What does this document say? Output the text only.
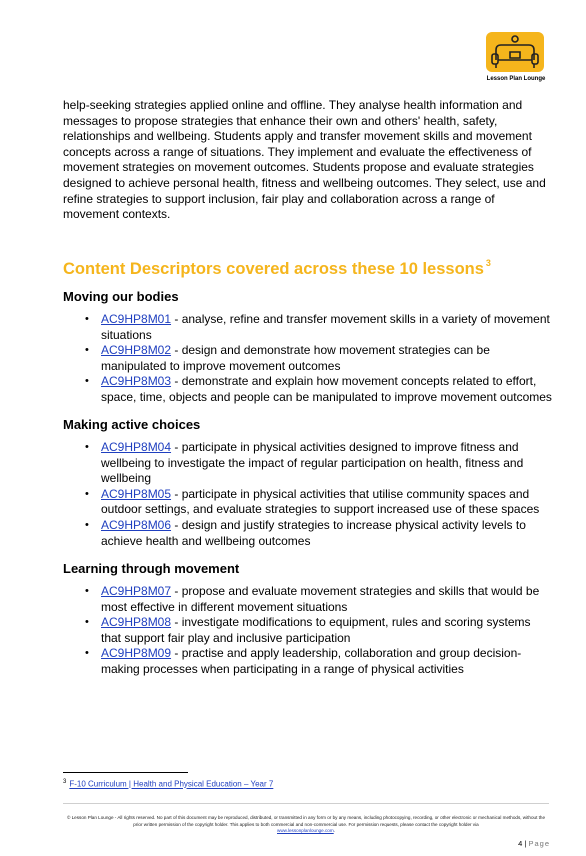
Lesson Plan Lounge
help-seeking strategies applied online and offline. They analyse health information and messages to propose strategies that enhance their own and others' health, safety, relationships and wellbeing. Students apply and transfer movement skills and movement concepts across a range of situations. They implement and evaluate the effectiveness of movement strategies on movement outcomes. Students propose and evaluate strategies designed to achieve personal health, fitness and wellbeing outcomes. They select, use and refine strategies to support inclusion, fair play and collaboration across a range of movement contexts.
Content Descriptors covered across these 10 lessons $^3$
Moving our bodies
• AC9HP8M01 - analyse, refine and transfer movement skills in a variety of movement situations
• AC9HP8M02 - design and demonstrate how movement strategies can be manipulated to improve movement outcomes
• AC9HP8M03 - demonstrate and explain how movement concepts related to effort, space, time, objects and people can be manipulated to improve movement outcomes
Making active choices
• AC9HP8M04 - participate in physical activities designed to improve fitness and wellbeing to investigate the impact of regular participation on health, fitness and wellbeing
• AC9HP8M05 - participate in physical activities that utilise community spaces and outdoor settings, and evaluate strategies to support increased use of these spaces
• AC9HP8M06 - design and justify strategies to increase physical activity levels to achieve health and wellbeing outcomes
Learning through movement
• AC9HP8M07 - propose and evaluate movement strategies and skills that would be most effective in different movement situations
• AC9HP8M08 - investigate modifications to equipment, rules and scoring systems that support fair play and inclusive participation
• AC9HP8M09 - practise and apply leadership, collaboration and group decision-making processes when participating in a range of physical activities
$^3$ F-10 Curriculum | Health and Physical Education – Year 7
© Lesson Plan Lounge - All rights reserved. No part of this document may be reproduced, distributed, or transmitted in any form or by any means, including photocopying, recording, or other electronic or mechanical methods, without the prior written permission of the copyright holder. This applies to both commercial and non-commercial use. For permission requests, please contact the copyright holder via
www.lessonplanlounge.com.
4 | Page
